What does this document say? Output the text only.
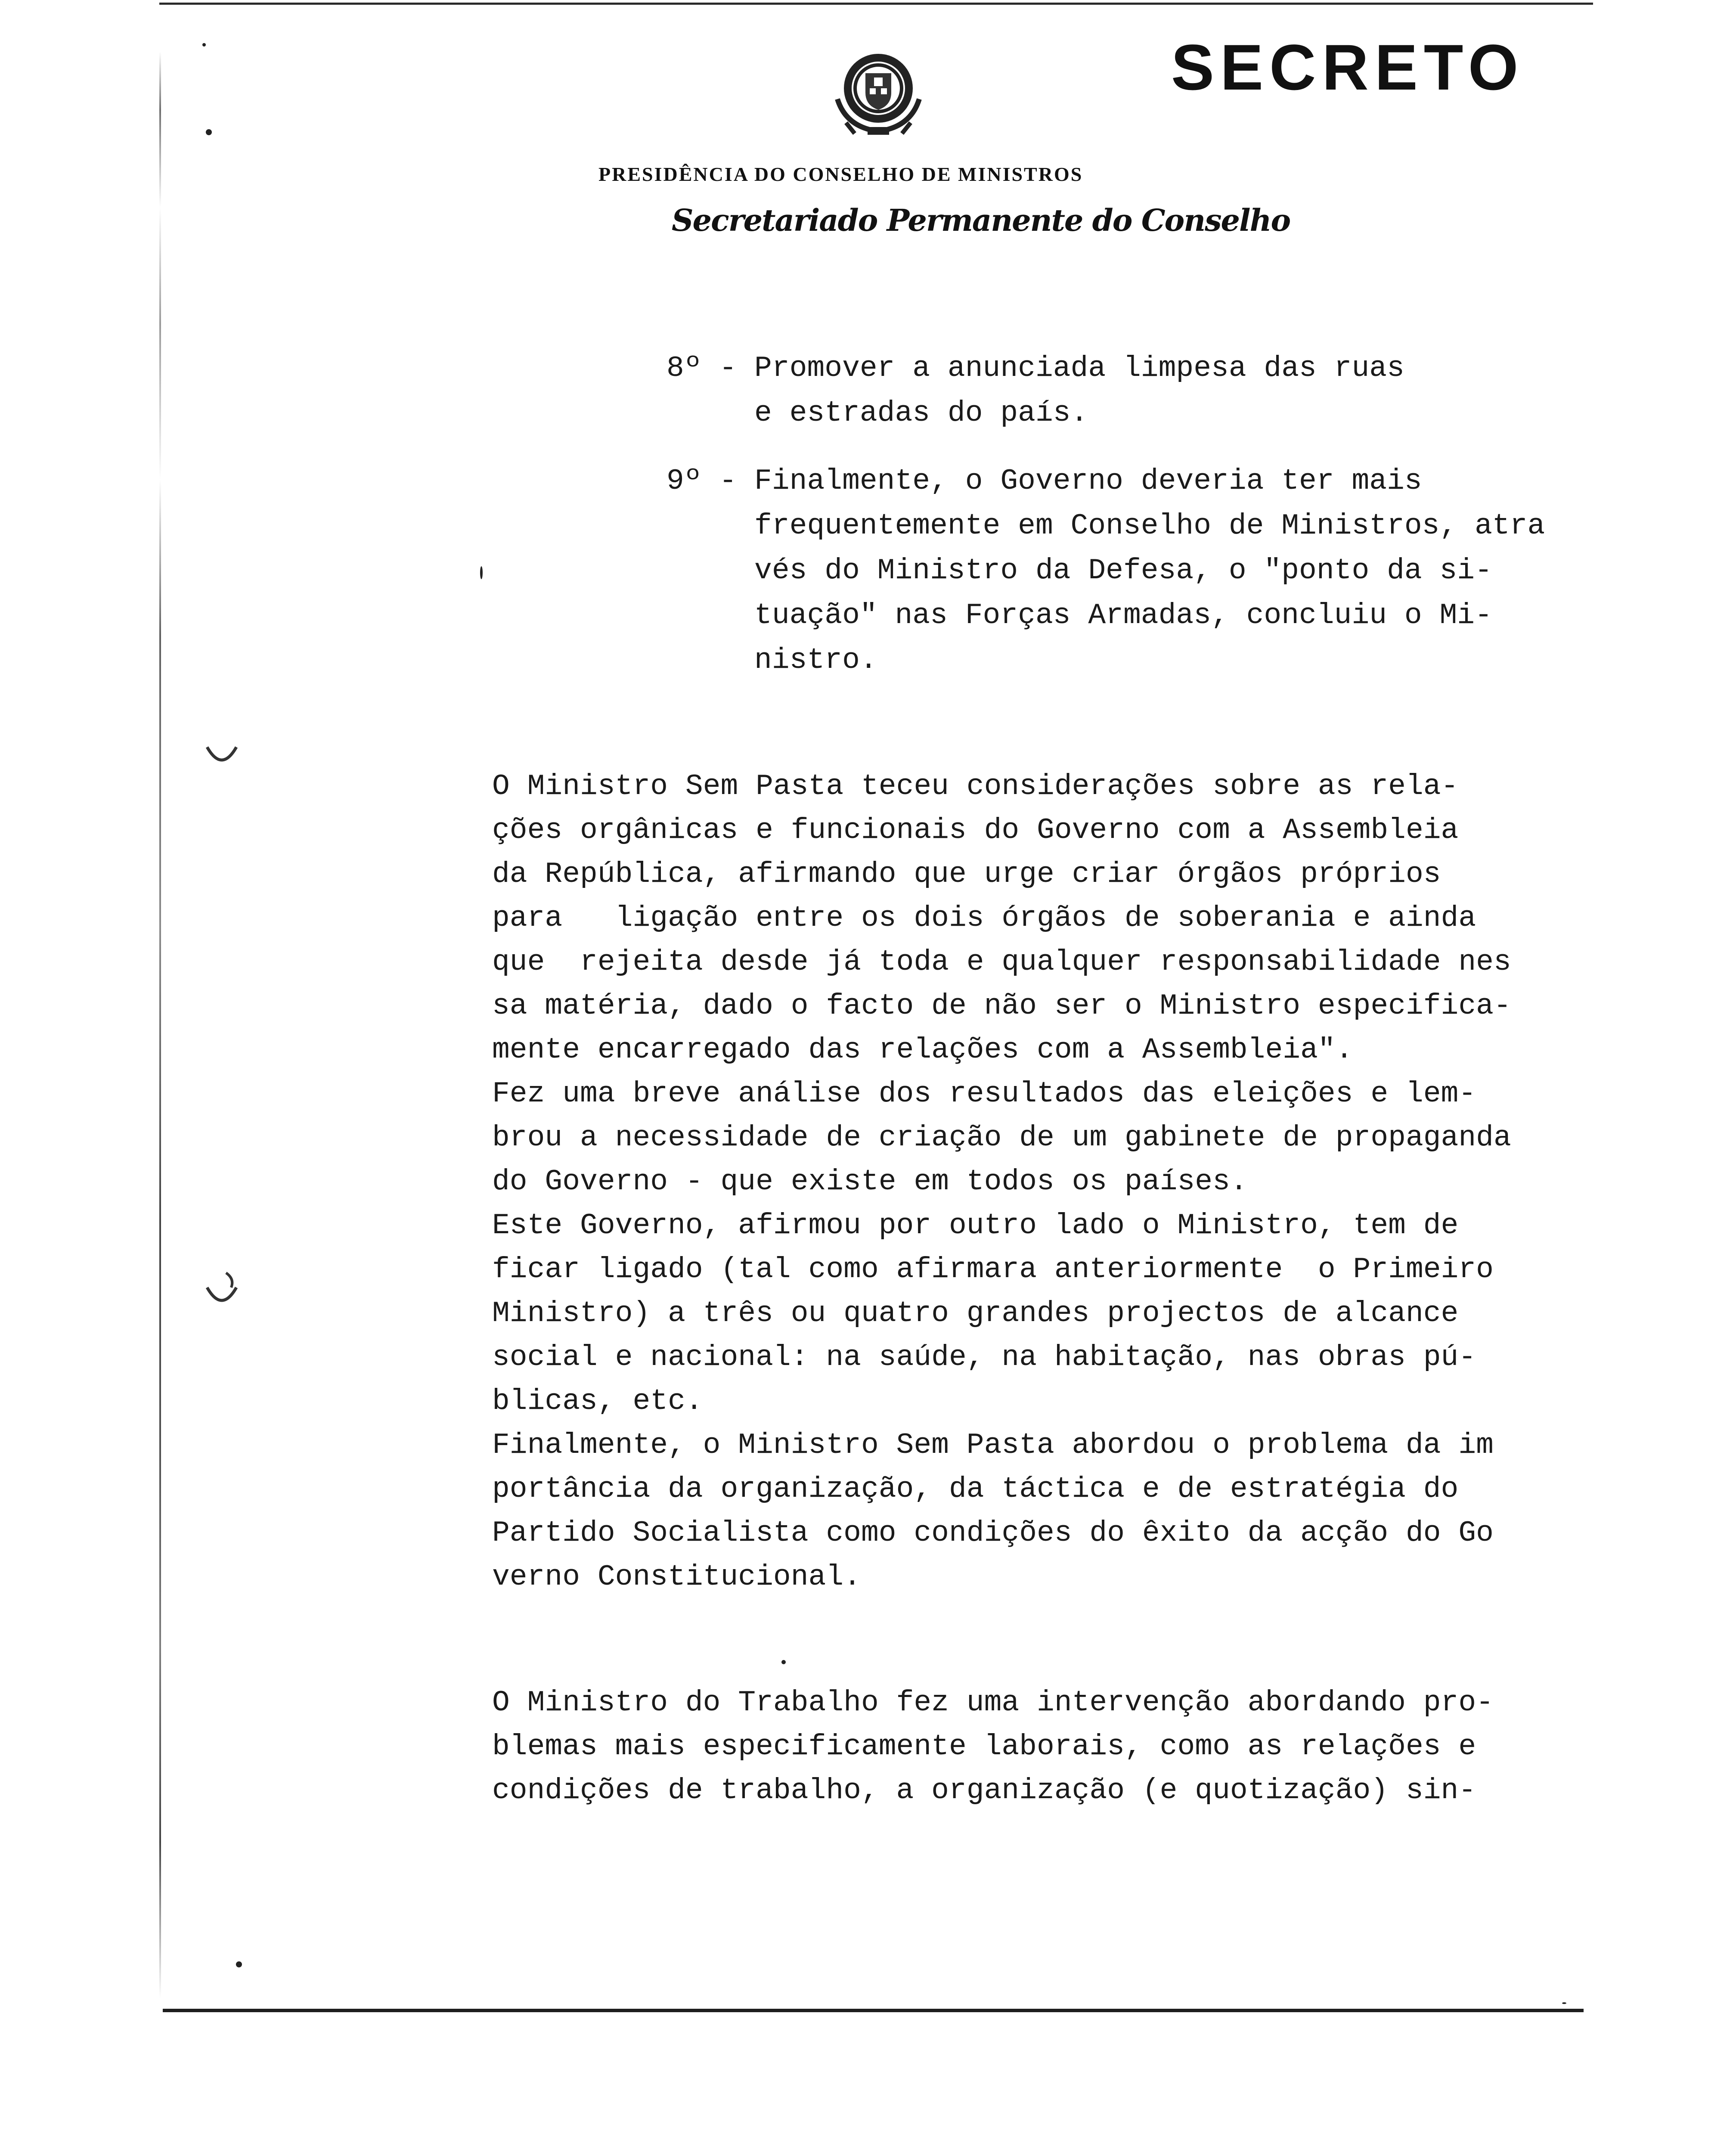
SECRETO
PRESIDÊNCIA DO CONSELHO DE MINISTROS
Secretariado Permanente do Conselho
8º - Promover a anunciada limpesa das ruas
e estradas do país.
9º - Finalmente, o Governo deveria ter mais
frequentemente em Conselho de Ministros, atra
vés do Ministro da Defesa, o "ponto da si-
tuação" nas Forças Armadas, concluiu o Mi-
nistro.
O Ministro Sem Pasta teceu considerações sobre as rela-
ções orgânicas e funcionais do Governo com a Assembleia
da República, afirmando que urge criar órgãos próprios
para   ligação entre os dois órgãos de soberania e ainda
que  rejeita desde já toda e qualquer responsabilidade nes
sa matéria, dado o facto de não ser o Ministro especifica-
mente encarregado das relações com a Assembleia".
Fez uma breve análise dos resultados das eleições e lem-
brou a necessidade de criação de um gabinete de propaganda
do Governo - que existe em todos os países.
Este Governo, afirmou por outro lado o Ministro, tem de
ficar ligado (tal como afirmara anteriormente  o Primeiro
Ministro) a três ou quatro grandes projectos de alcance
social e nacional: na saúde, na habitação, nas obras pú-
blicas, etc.
Finalmente, o Ministro Sem Pasta abordou o problema da im
portância da organização, da táctica e de estratégia do
Partido Socialista como condições do êxito da acção do Go
verno Constitucional.
O Ministro do Trabalho fez uma intervenção abordando pro-
blemas mais especificamente laborais, como as relações e
condições de trabalho, a organização (e quotização) sin-
